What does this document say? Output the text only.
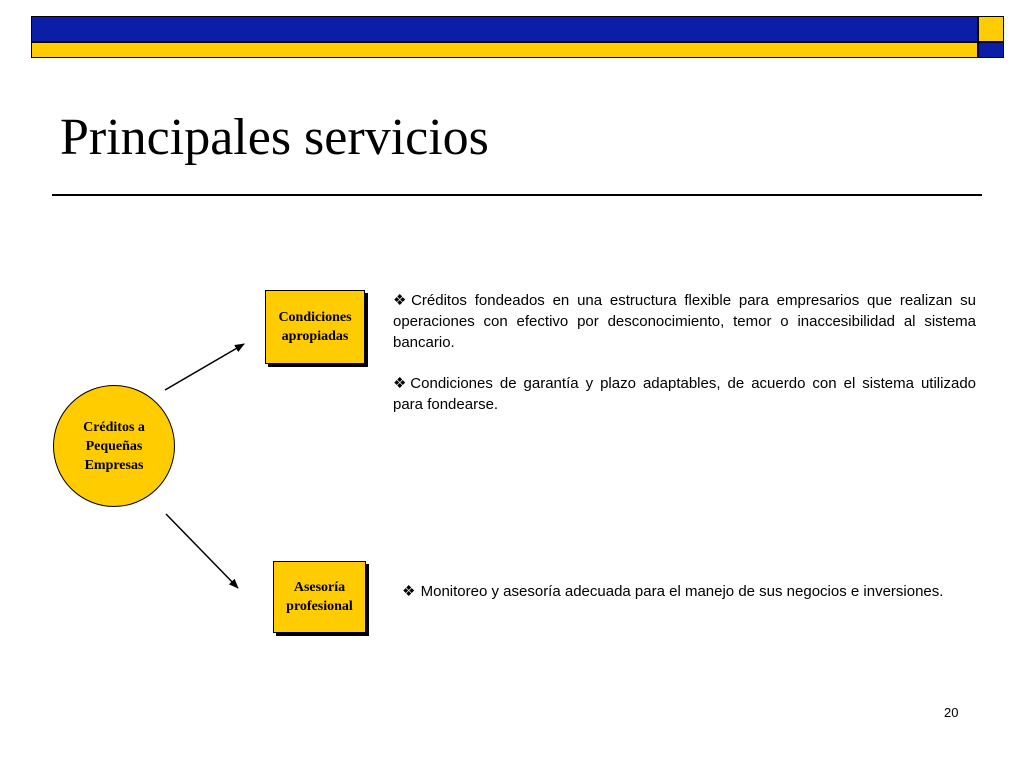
Principales servicios
Créditos a
Pequeñas
Empresas
Condiciones
apropiadas
Asesoría
profesional

❖Créditos fondeados en una estructura flexible para empresarios que realizan su operaciones con efectivo por desconocimiento, temor o inaccesibilidad al sistema bancario.

❖Condiciones de garantía y plazo adaptables, de acuerdo con el sistema utilizado para fondearse.

❖ Monitoreo y asesoría adecuada para el manejo de sus negocios e inversiones.

20
